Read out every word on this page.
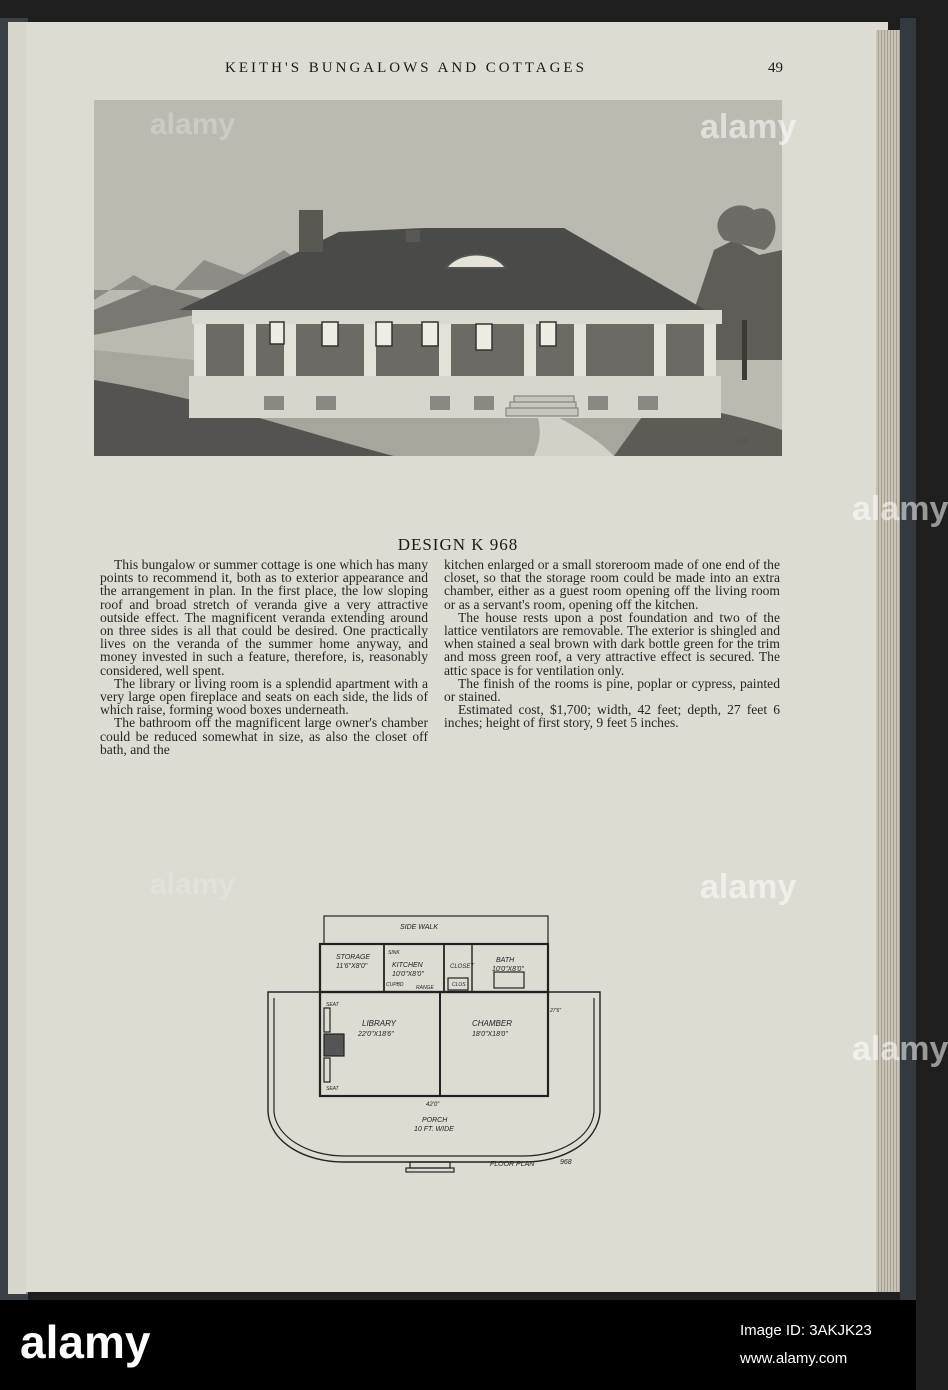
KEITH'S BUNGALOWS AND COTTAGES	49
968
DESIGN K 968

This bungalow or summer cottage is one which has many points to recommend it, both as to exterior appearance and the arrangement in plan. In the first place, the low sloping roof and broad stretch of veranda give a very attractive outside effect. The magnificent veranda extending around on three sides is all that could be desired. One practically lives on the veranda of the summer home anyway, and money invested in such a feature, therefore, is, reasonably considered, well spent.

The library or living room is a splendid apartment with a very large open fireplace and seats on each side, the lids of which raise, forming wood boxes underneath.

The bathroom off the magnificent large owner's chamber could be reduced somewhat in size, as also the closet off bath, and the

kitchen enlarged or a small storeroom made of one end of the closet, so that the storage room could be made into an extra chamber, either as a guest room opening off the living room or as a servant's room, opening off the kitchen.

The house rests upon a post foundation and two of the lattice ventilators are removable. The exterior is shingled and when stained a seal brown with dark bottle green for the trim and moss green roof, a very attractive effect is secured. The attic space is for ventilation only.

The finish of the rooms is pine, poplar or cypress, painted or stained.

Estimated cost, $1,700; width, 42 feet; depth, 27 feet 6 inches; height of first story, 9 feet 5 inches.

SIDE WALK
STORAGE
11'6"X8'0"
SINK
KITCHEN
10'0"X8'0"
CUPBD
CLOSET
BATH
10'0"X8'0"
CLOS
RANGE
SEAT
SEAT
LIBRARY
22'0"X18'6"
CHAMBER
18'0"X18'0"
42'0"
27'6"
PORCH
10 FT. WIDE
FLOOR PLAN	968
alamy	alamy
alamy
alamy	alamy
alamy
alamy	Image ID: 3AKJK23
www.alamy.com
